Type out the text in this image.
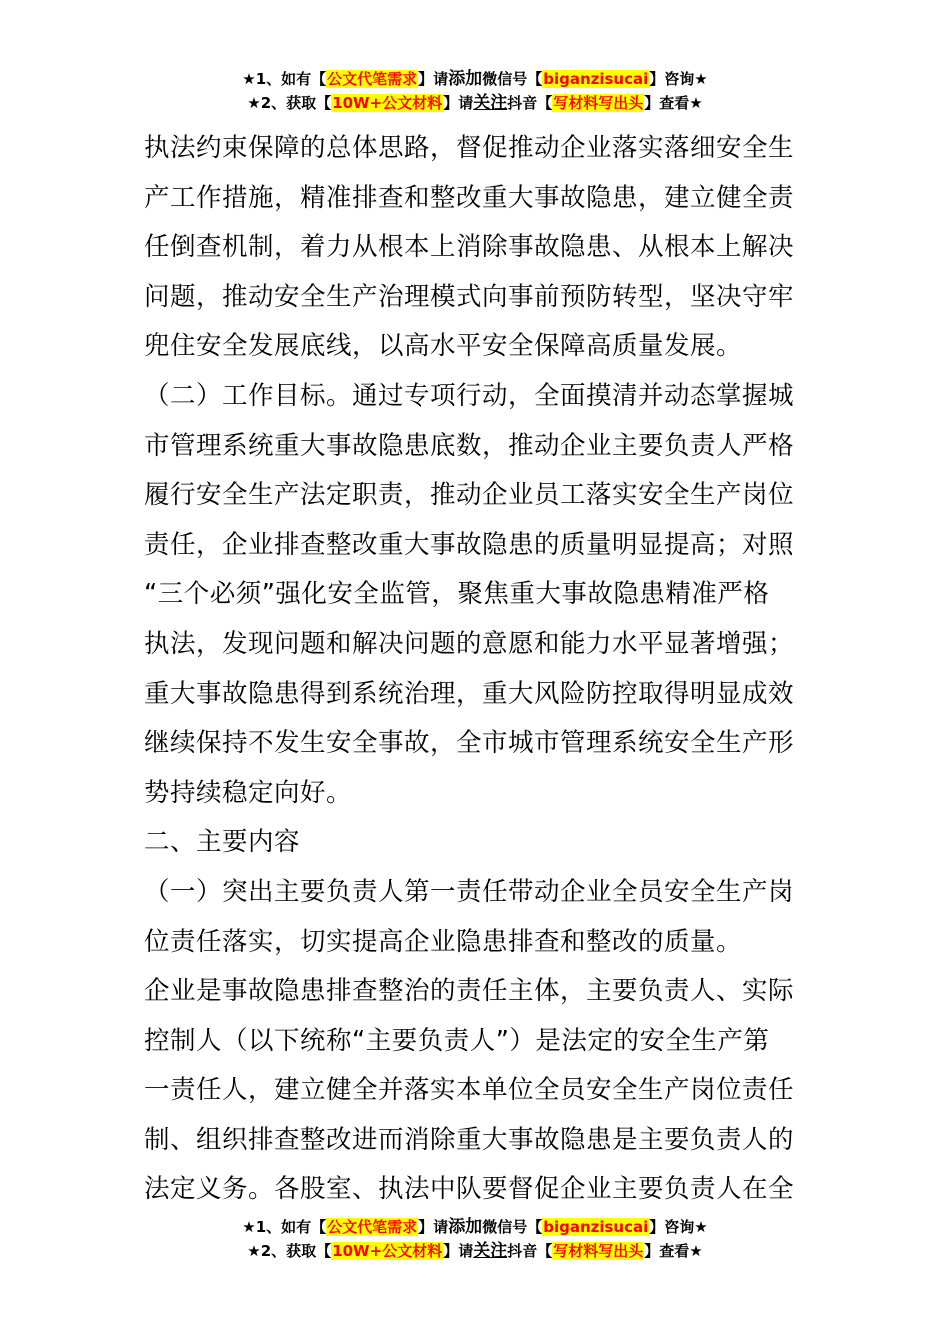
★1、如有【公文代笔需求】请添加微信号【biganzisucai】咨询★
★2、获取【10W+公文材料】请关注抖音【写材料写出头】查看★

执法约束保障的总体思路，督促推动企业落实落细安全生

产工作措施，精准排查和整改重大事故隐患，建立健全责

任倒查机制，着力从根本上消除事故隐患、从根本上解决

问题，推动安全生产治理模式向事前预防转型，坚决守牢

兜住安全发展底线，以高水平安全保障高质量发展。

（二）工作目标。通过专项行动，全面摸清并动态掌握城

市管理系统重大事故隐患底数，推动企业主要负责人严格

履行安全生产法定职责，推动企业员工落实安全生产岗位

责任，企业排查整改重大事故隐患的质量明显提高；对照

“三个必须”强化安全监管，聚焦重大事故隐患精准严格

执法，发现问题和解决问题的意愿和能力水平显著增强；

重大事故隐患得到系统治理，重大风险防控取得明显成效

继续保持不发生安全事故，全市城市管理系统安全生产形

势持续稳定向好。

二、主要内容

（一）突出主要负责人第一责任带动企业全员安全生产岗

位责任落实，切实提高企业隐患排查和整改的质量。

企业是事故隐患排查整治的责任主体，主要负责人、实际

控制人（以下统称“主要负责人”）是法定的安全生产第

一责任人，建立健全并落实本单位全员安全生产岗位责任

制、组织排查整改进而消除重大事故隐患是主要负责人的

法定义务。各股室、执法中队要督促企业主要负责人在全

★1、如有【公文代笔需求】请添加微信号【biganzisucai】咨询★
★2、获取【10W+公文材料】请关注抖音【写材料写出头】查看★
